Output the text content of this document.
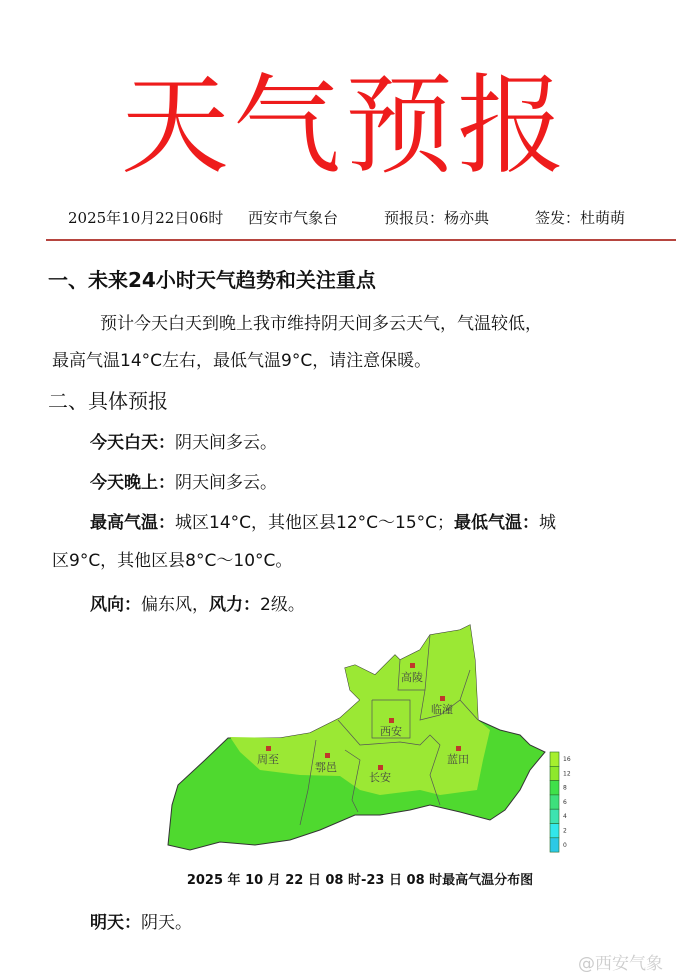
天气预报
2025年10月22日06时 西安市气象台	预报员：杨亦典	签发：杜萌萌
一、未来24小时天气趋势和关注重点
预计今天白天到晚上我市维持阴天间多云天气，气温较低，
最高气温14°C左右，最低气温9°C，请注意保暖。
二、具体预报
今天白天：阴天间多云。
今天晚上：阴天间多云。
最高气温：城区14°C，其他区县12°C～15°C；最低气温：城
区9°C，其他区县8°C～10°C。
风向：偏东风，风力：2级。
高陵
临潼
西安
周至
鄠邑
长安
蓝田	16
12
8
6
4
2
0
2025 年 10 月 22 日 08 时-23 日 08 时最高气温分布图
明天：阴天。
@西安气象
